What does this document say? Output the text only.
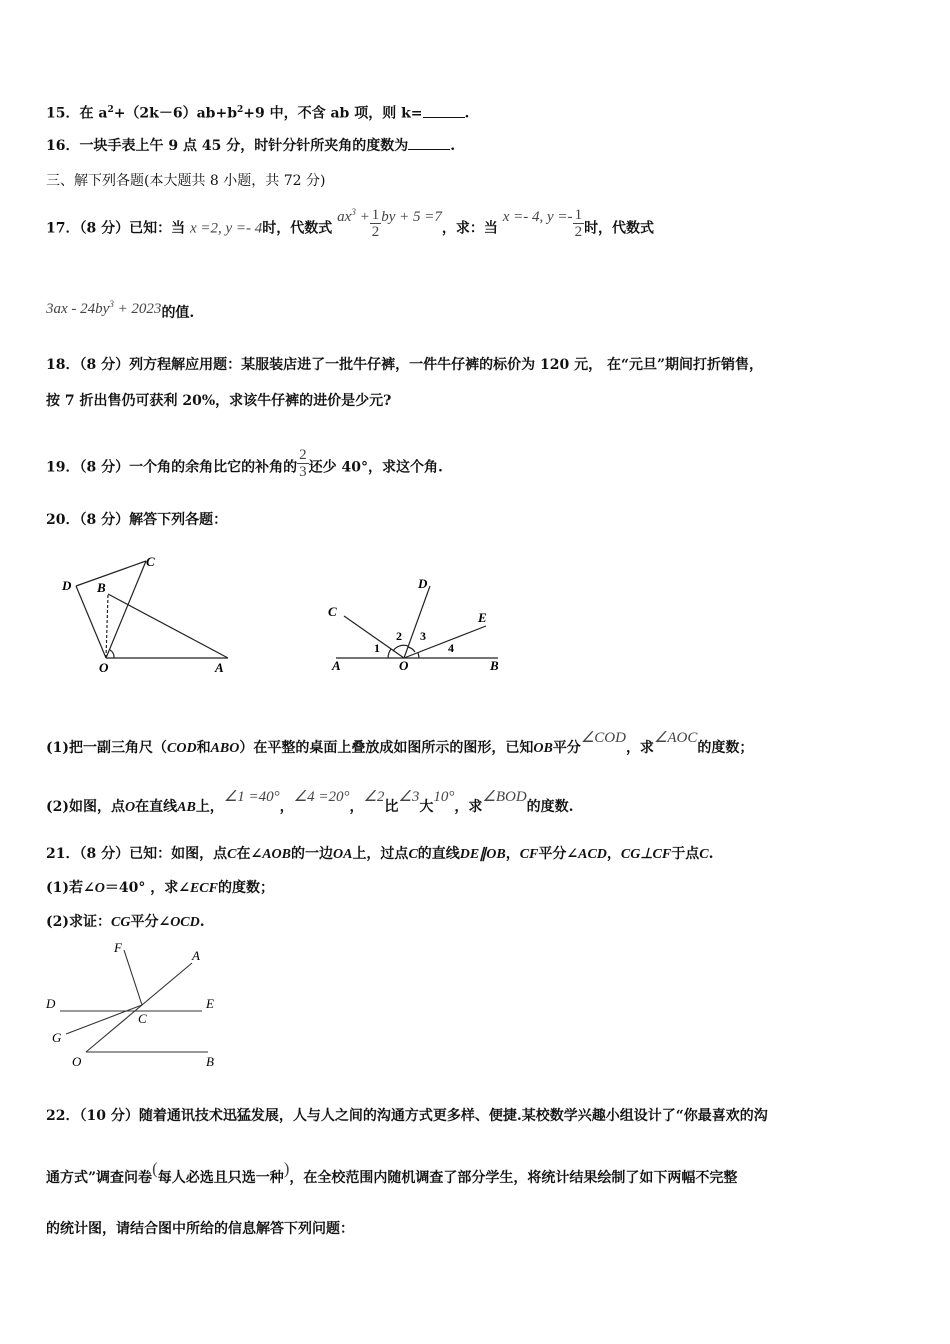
15．在 $a^2+(2k-6)ab+b^2+9$ 中，不含 ab 项，则 k=	.
16．一块手表上午 9 点 45 分，时针分针所夹角的度数为	.
三、解下列各题(本大题共 8 小题，共 72 分)
17．（8 分）已知：当 x =2, y =- 4时，代数式 $ax^3 + \frac{1}{2}$ by + 5 =7，求：当 x =- 4, $y =- \frac{1}{2}$ 时，代数式
$3ax - 24by^3 + 2023$的值.
18．（8 分）列方程解应用题：某服装店进了一批牛仔裤，一件牛仔裤的标价为 120 元， 在“元旦”期间打折销售，
按 7 折出售仍可获利 20%，求该牛仔裤的进价是少元?
19．（8 分）一个角的余角比它的补角的 $\frac{2}{3}$ 还少 40°，求这个角.
20．（8 分）解答下列各题：
D B
C
O	A
C
D
E
A	O	B
1
2 3
4
(1)把一副三角尺（COD和ABO）在平整的桌面上叠放成如图所示的图形，已知OB平分∠COD，求∠AOC的度数；
(2)如图，点O在直线AB上，∠1 =40°，∠4 =20°，∠2比∠3大10°，求∠BOD的度数.
21．（8 分）已知：如图，点C在∠AOB的一边OA上，过点C的直线DE∥OB，CF平分∠ACD，CG⊥CF于点C.
(1)若∠O＝40° ，求∠ECF的度数；
(2)求证：CG平分∠OCD.
F
A
D	E
C
G
O	B
22．（10 分）随着通讯技术迅猛发展，人与人之间的沟通方式更多样、便捷.某校数学兴趣小组设计了“你最喜欢的沟
通方式”调查问卷(每人必选且只选一种)，在全校范围内随机调查了部分学生，将统计结果绘制了如下两幅不完整
的统计图，请结合图中所给的信息解答下列问题：
